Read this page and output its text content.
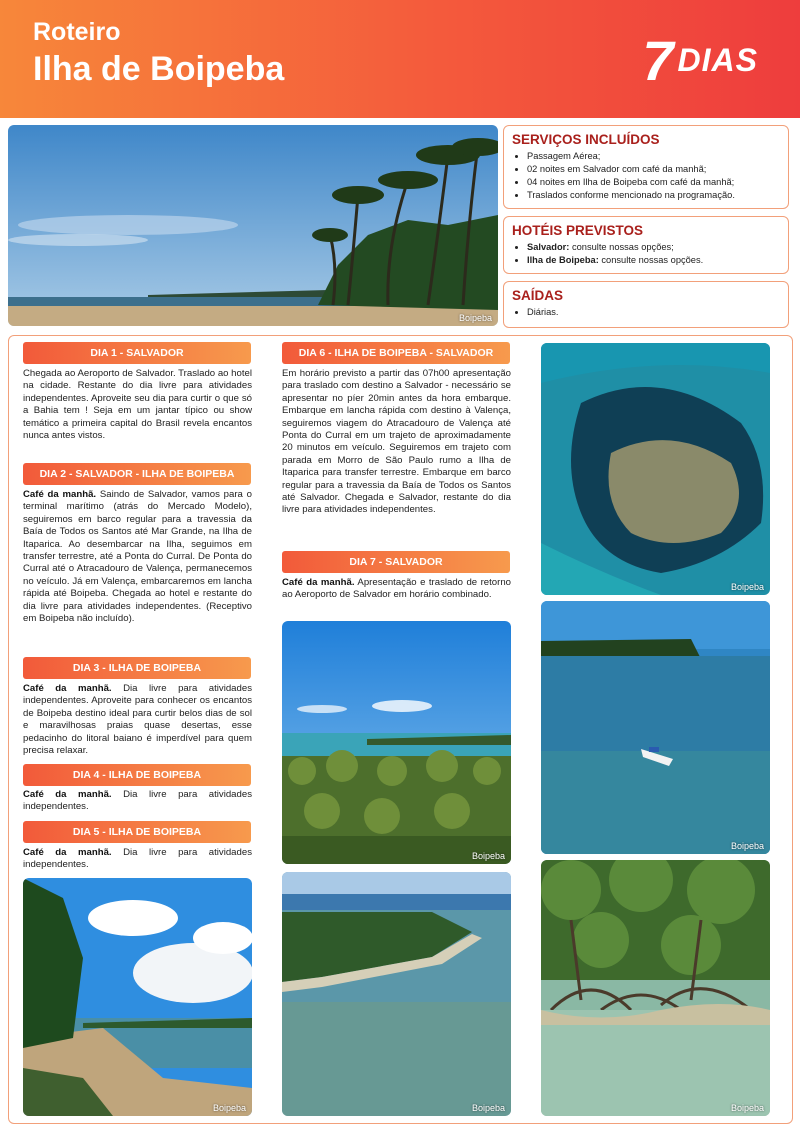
Roteiro
Ilha de Boipeba	7 DIAS
Boipeba
SERVIÇOS INCLUÍDOS
• Passagem Aérea;
• 02 noites em Salvador com café da manhã;
• 04 noites em Ilha de Boipeba com café da manhã;
• Traslados conforme mencionado na programação.
HOTÉIS PREVISTOS
• Salvador: consulte nossas opções;
• Ilha de Boipeba: consulte nossas opções.
SAÍDAS
• Diárias.
DIA 1 - SALVADOR

Chegada ao Aeroporto de Salvador. Traslado ao hotel na cidade. Restante do dia livre para atividades independentes. Aproveite seu dia para curtir o que só a Bahia tem ! Seja em um jantar típico ou show temático a primeira capital do Brasil revela encantos nunca antes vistos.

DIA 2 - SALVADOR - ILHA DE BOIPEBA

Café da manhã. Saindo de Salvador, vamos para o terminal marítimo (atrás do Mercado Modelo), seguiremos em barco regular para a travessia da Baía de Todos os Santos até Mar Grande, na Ilha de Itaparica. Ao desembarcar na Ilha, seguimos em transfer terrestre, até a Ponta do Curral. De Ponta do Curral até o Atracadouro de Valença, permanecemos no veículo. Já em Valença, embarcaremos em lancha rápida até Boipeba. Chegada ao hotel e restante do dia livre para atividades independentes. (Receptivo em Boipeba não incluído).

DIA 3 - ILHA DE BOIPEBA

Café da manhã. Dia livre para atividades independentes. Aproveite para conhecer os encantos de Boipeba destino ideal para curtir belos dias de sol e maravilhosas praias quase desertas, esse pedacinho do litoral baiano é imperdível para quem precisa relaxar.

DIA 4 - ILHA DE BOIPEBA

Café da manhã. Dia livre para atividades independentes.

DIA 5 - ILHA DE BOIPEBA

Café da manhã. Dia livre para atividades independentes.

DIA 6 - ILHA DE BOIPEBA - SALVADOR

Em horário previsto a partir das 07h00 apresentação para traslado com destino a Salvador - necessário se apresentar no píer 20min antes da hora embarque. Embarque em lancha rápida com destino à Valença, seguiremos viagem do Atracadouro de Valença até Ponta do Curral em um trajeto de aproximadamente 20 minutos em veículo. Seguiremos em trajeto com parada em Morro de São Paulo rumo a Ilha de Itaparica para transfer terrestre. Embarque em barco regular para a travessia da Baía de Todos os Santos até Salvador. Chegada e Salvador, restante do dia livre para atividades independentes.

DIA 7 - SALVADOR

Café da manhã. Apresentação e traslado de retorno ao Aeroporto de Salvador em horário combinado.

Boipeba
Boipeba
Boipeba
Boipeba
Boipeba
Boipeba
